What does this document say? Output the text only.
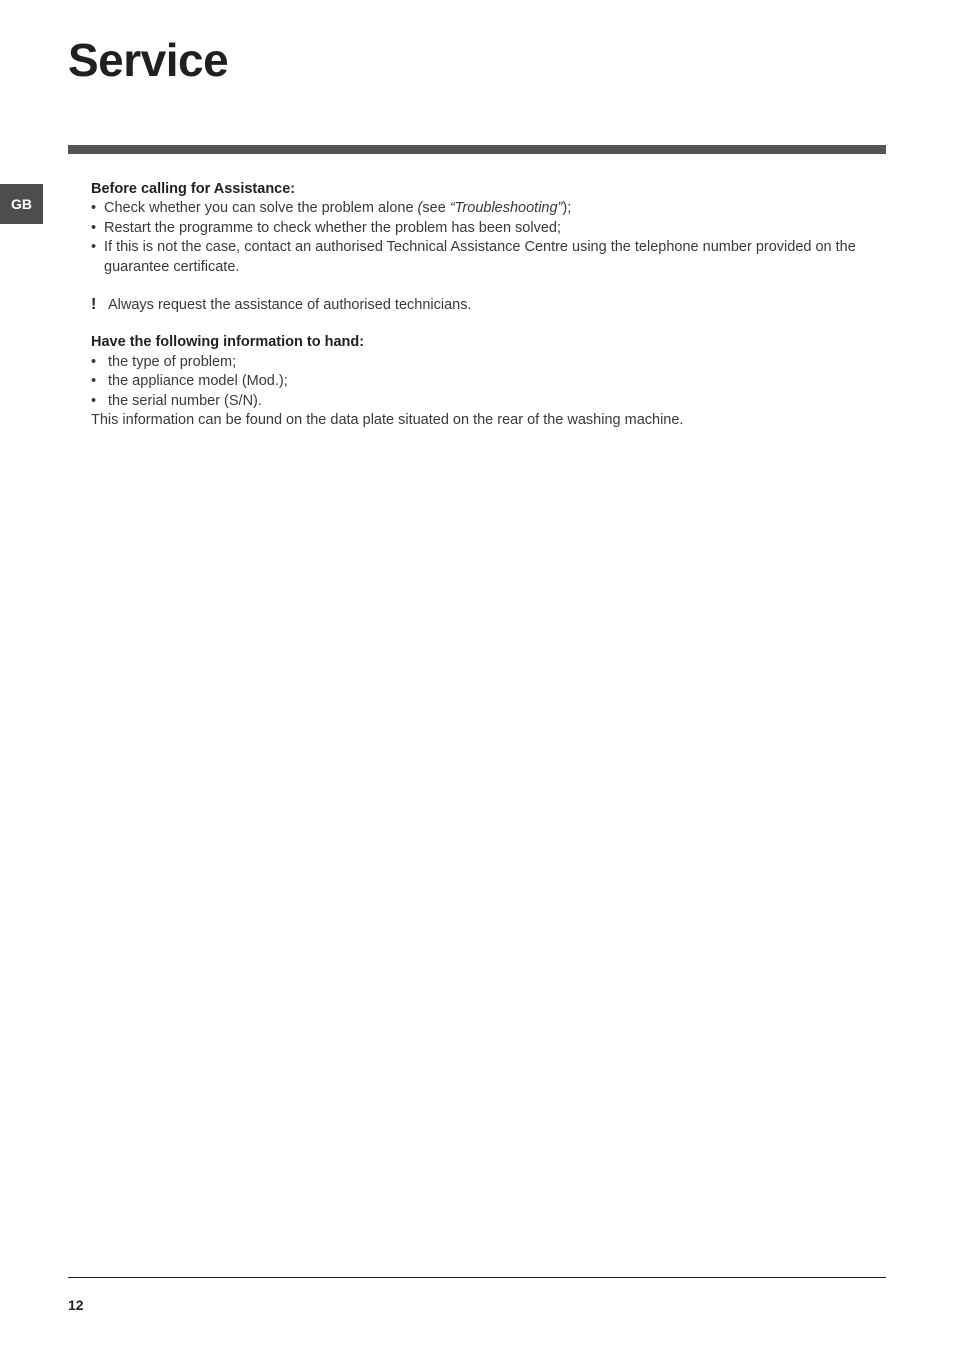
Service
GB

Before calling for Assistance:

• Check whether you can solve the problem alone (see “Troubleshooting”);
• Restart the programme to check whether the problem has been solved;
• If this is not the case, contact an authorised Technical Assistance Centre using the telephone number provided on the guarantee certificate.
! Always request the assistance of authorised technicians.

Have the following information to hand:

• the type of problem;
• the appliance model (Mod.);
• the serial number (S/N).
This information can be found on the data plate situated on the rear of the washing machine.
12
